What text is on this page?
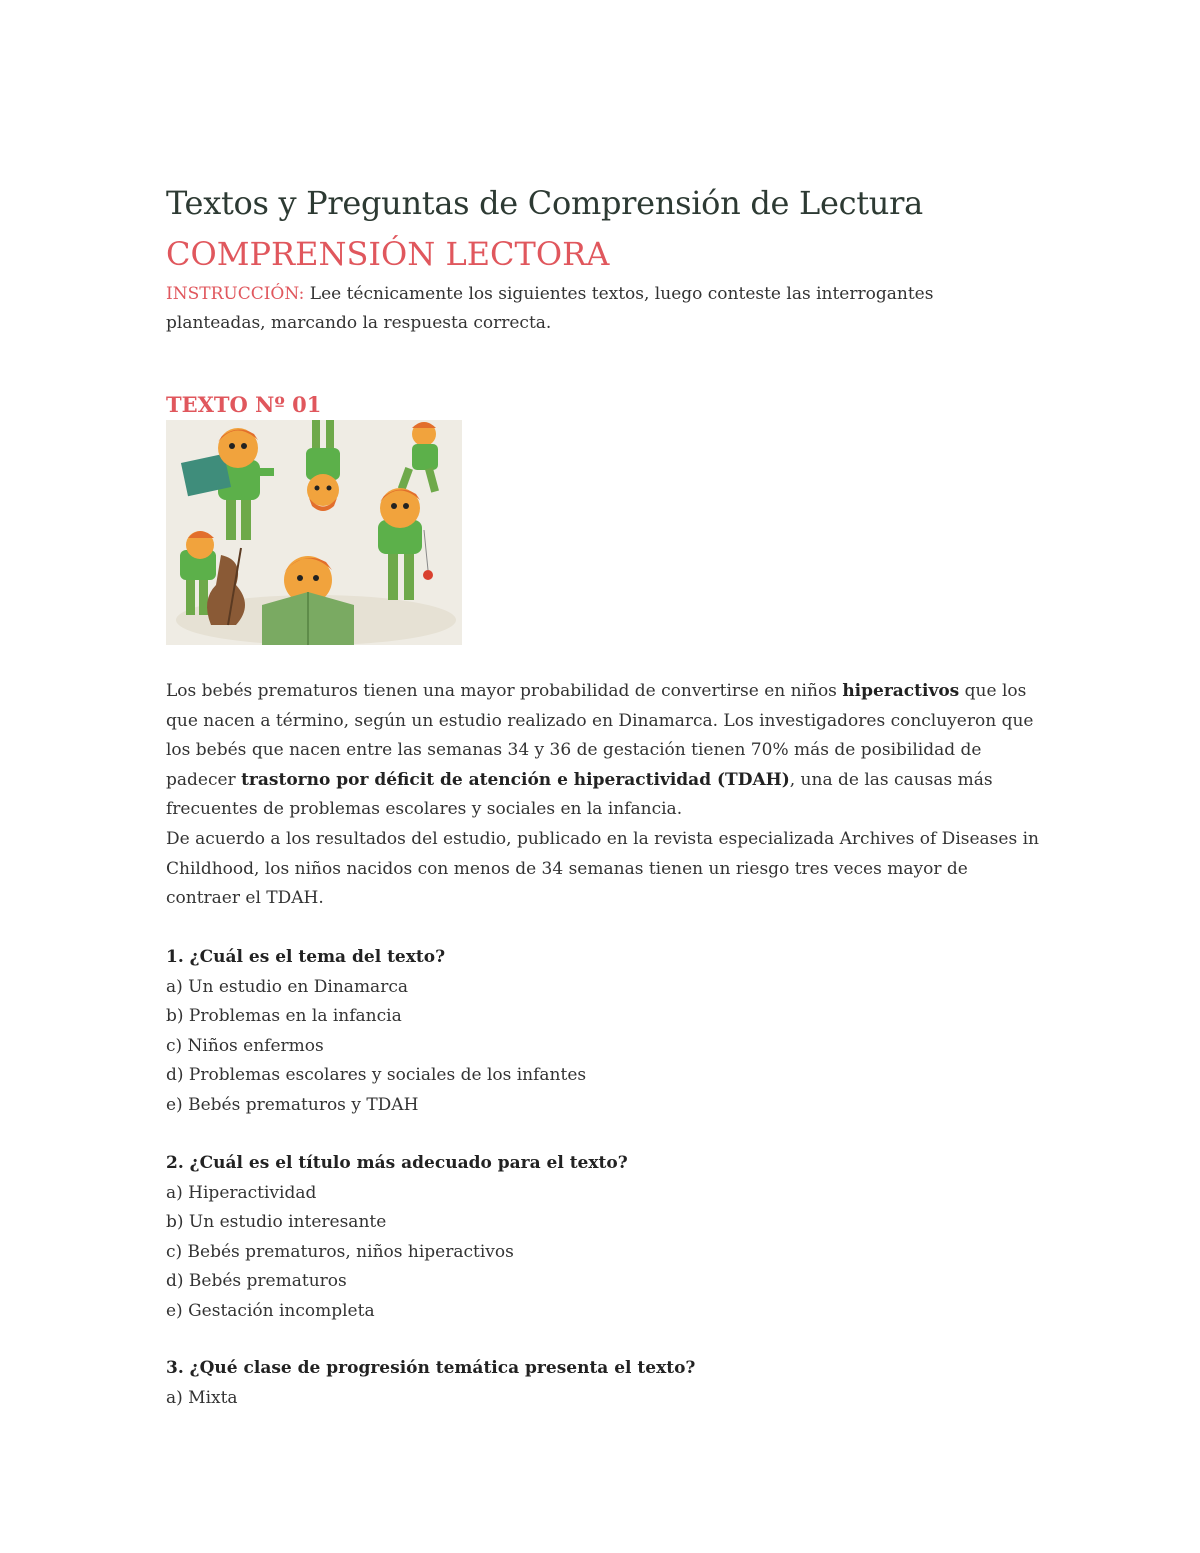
Textos y Preguntas de Comprensión de Lectura
COMPRENSIÓN LECTORA
INSTRUCCIÓN: Lee técnicamente los siguientes textos, luego conteste las interrogantes
planteadas, marcando la respuesta correcta.
TEXTO Nº 01
Los bebés prematuros tienen una mayor probabilidad de convertirse en niños hiperactivos que los que nacen a término, según un estudio realizado en Dinamarca. Los investigadores concluyeron que los bebés que nacen entre las semanas 34 y 36 de gestación tienen 70% más de posibilidad de padecer trastorno por déficit de atención e hiperactividad (TDAH), una de las causas más frecuentes de problemas escolares y sociales en la infancia.
De acuerdo a los resultados del estudio, publicado en la revista especializada Archives of Diseases in Childhood, los niños nacidos con menos de 34 semanas tienen un riesgo tres veces mayor de contraer el TDAH.
1. ¿Cuál es el tema del texto?
a) Un estudio en Dinamarca
b) Problemas en la infancia
c) Niños enfermos
d) Problemas escolares y sociales de los infantes
e) Bebés prematuros y TDAH
2. ¿Cuál es el título más adecuado para el texto?
a) Hiperactividad
b) Un estudio interesante
c) Bebés prematuros, niños hiperactivos
d) Bebés prematuros
e) Gestación incompleta
3. ¿Qué clase de progresión temática presenta el texto?
a) Mixta
